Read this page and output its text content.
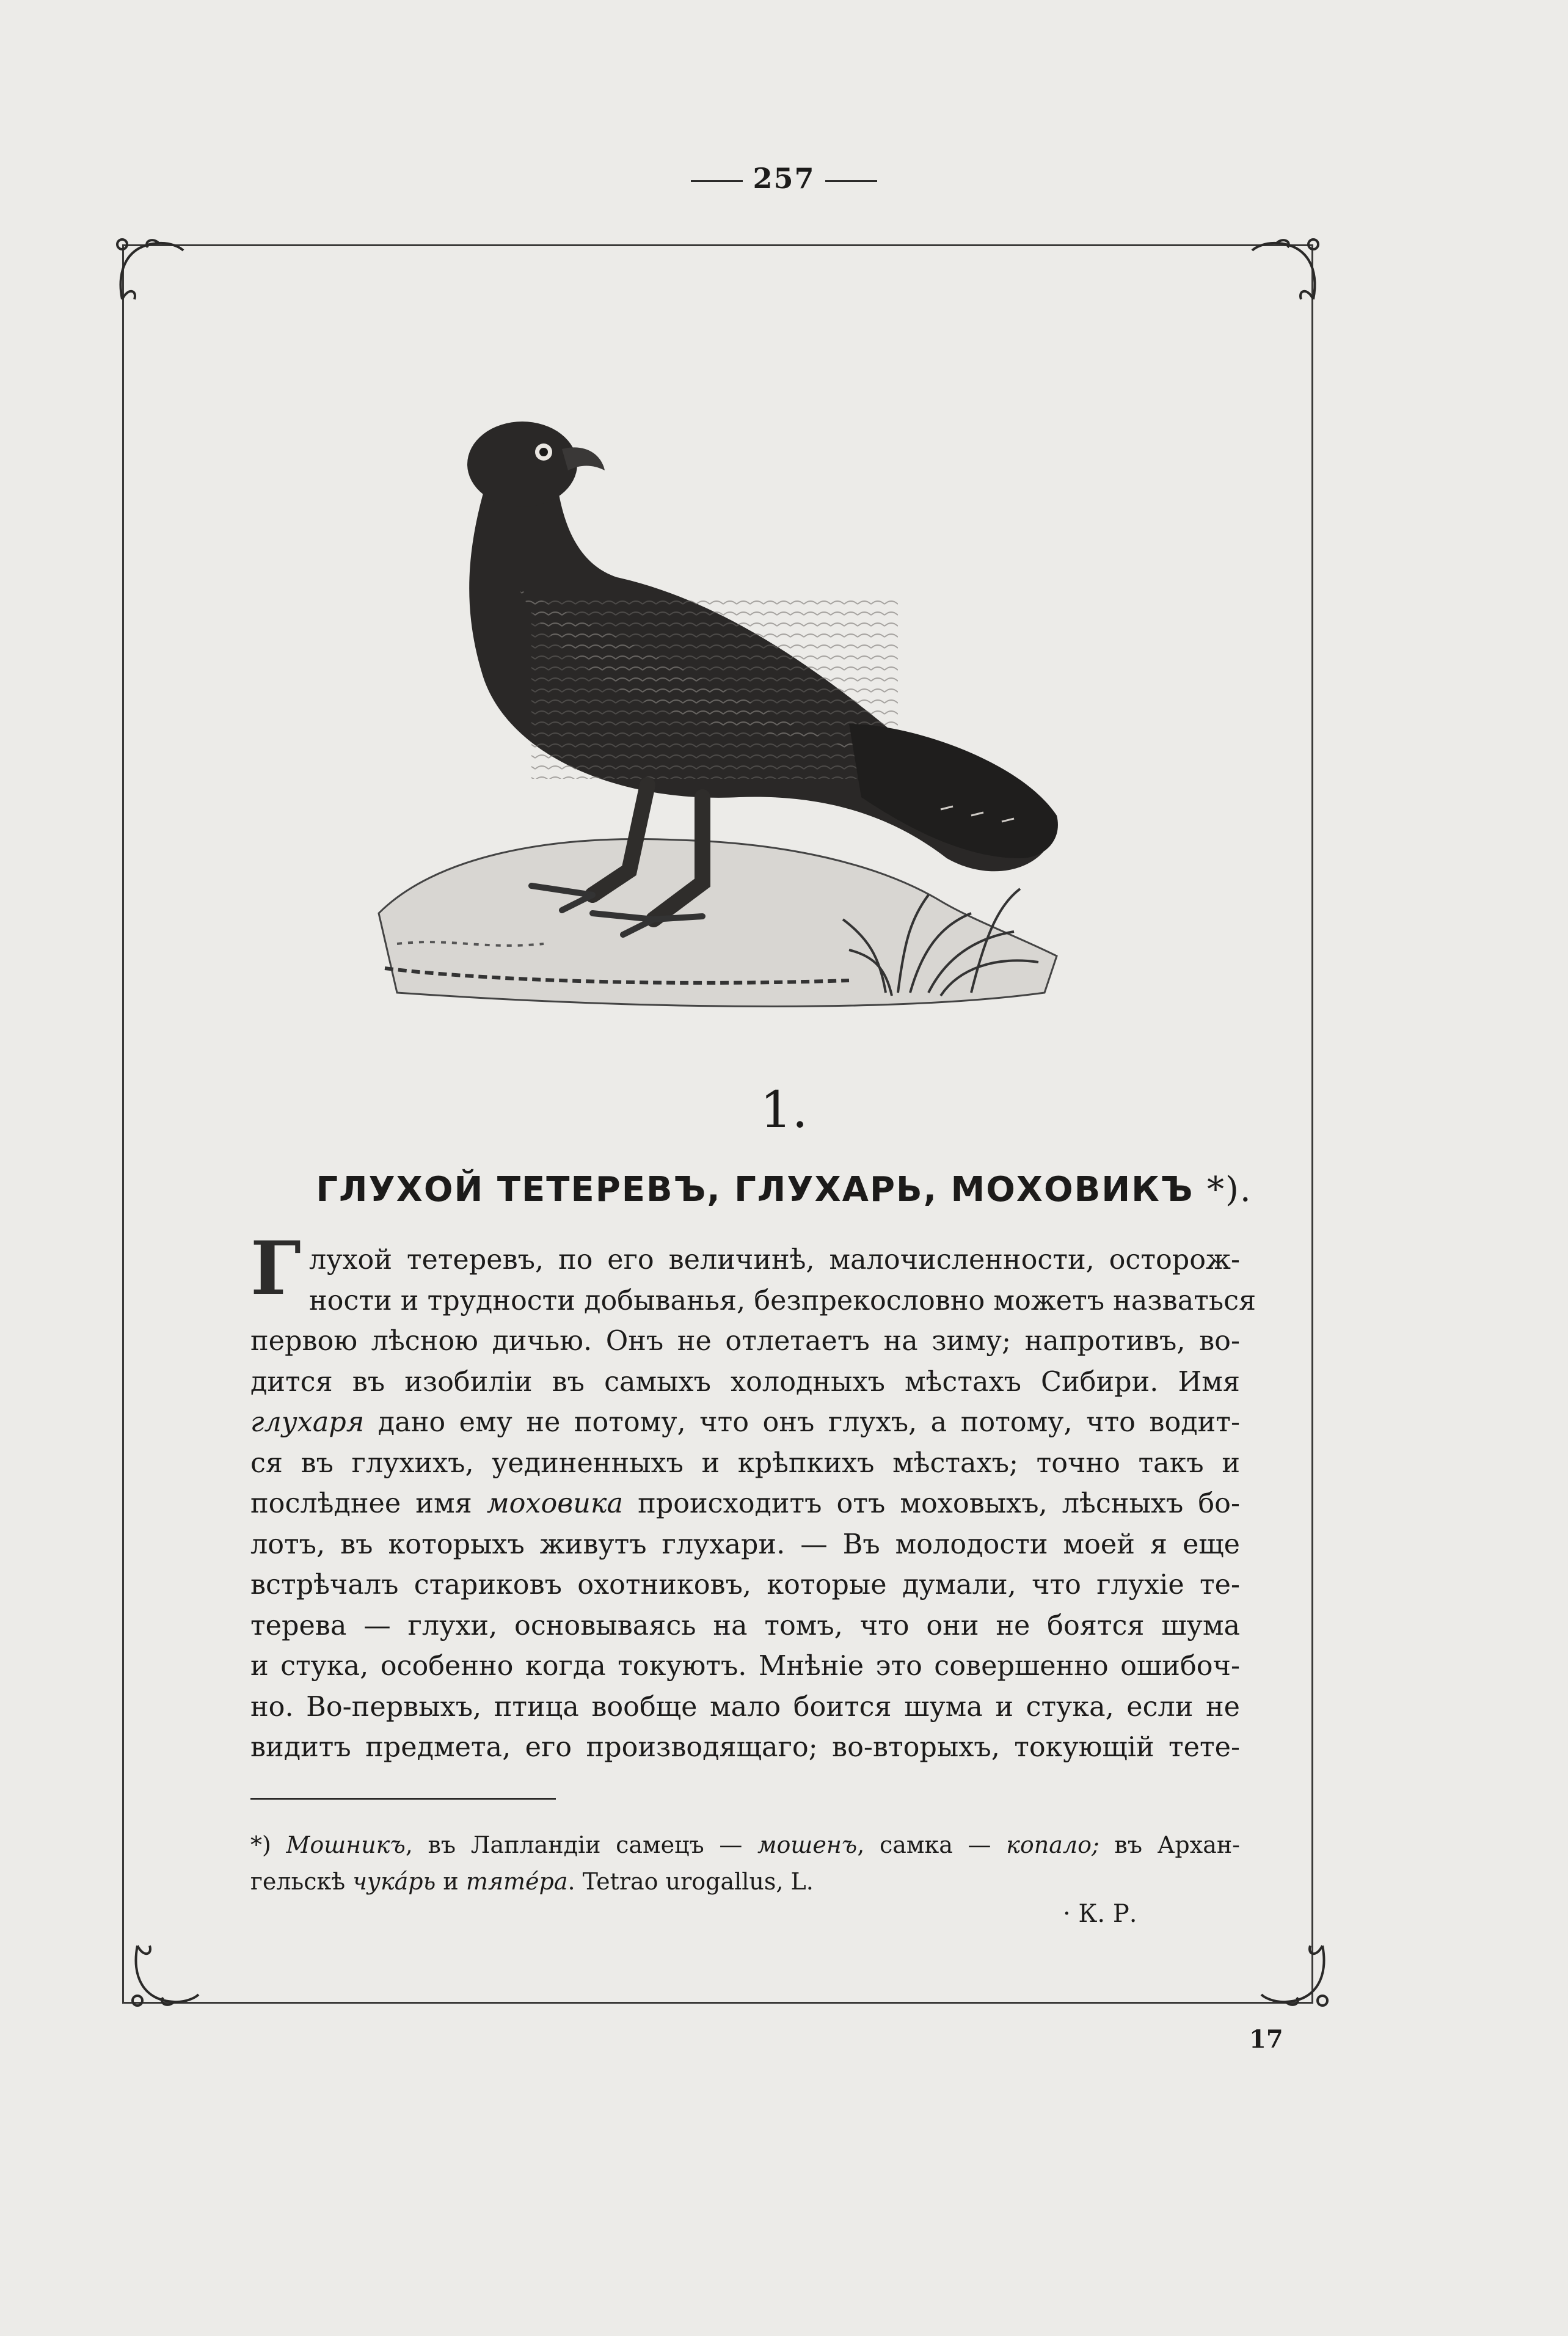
257
1.
ГЛУХОЙ ТЕТЕРЕВЪ, ГЛУХАРЬ, МОХОВИКЪ *).
Г лухой тетеревъ, по его величинѣ, малочисленности, осторож-
ности и трудности добыванья, безпрекословно можетъ назваться
первою лѣсною дичью. Онъ не отлетаетъ на зиму; напротивъ, во-
дится въ изобиліи въ самыхъ холодныхъ мѣстахъ Сибири. Имя
глухаря дано ему не потому, что онъ глухъ, а потому, что водит-
ся въ глухихъ, уединенныхъ и крѣпкихъ мѣстахъ; точно такъ и
послѣднее имя моховика происходитъ отъ моховыхъ, лѣсныхъ бо-
лотъ, въ которыхъ живутъ глухари. — Въ молодости моей я еще
встрѣчалъ стариковъ охотниковъ, которые думали, что глухіе те-
терева — глухи, основываясь на томъ, что они не боятся шума
и стука, особенно когда токуютъ. Мнѣніе это совершенно ошибоч-
но. Во-первыхъ, птица вообще мало боится шума и стука, если не
видитъ предмета, его производящаго; во-вторыхъ, токующій тете-
*) Мошникъ, въ Лапландіи самецъ — мошенъ, самка — копало; въ Архан-
гельскѣ чукáрь и тятéра. Tetrao urogallus, L.
· К. Р.
17
